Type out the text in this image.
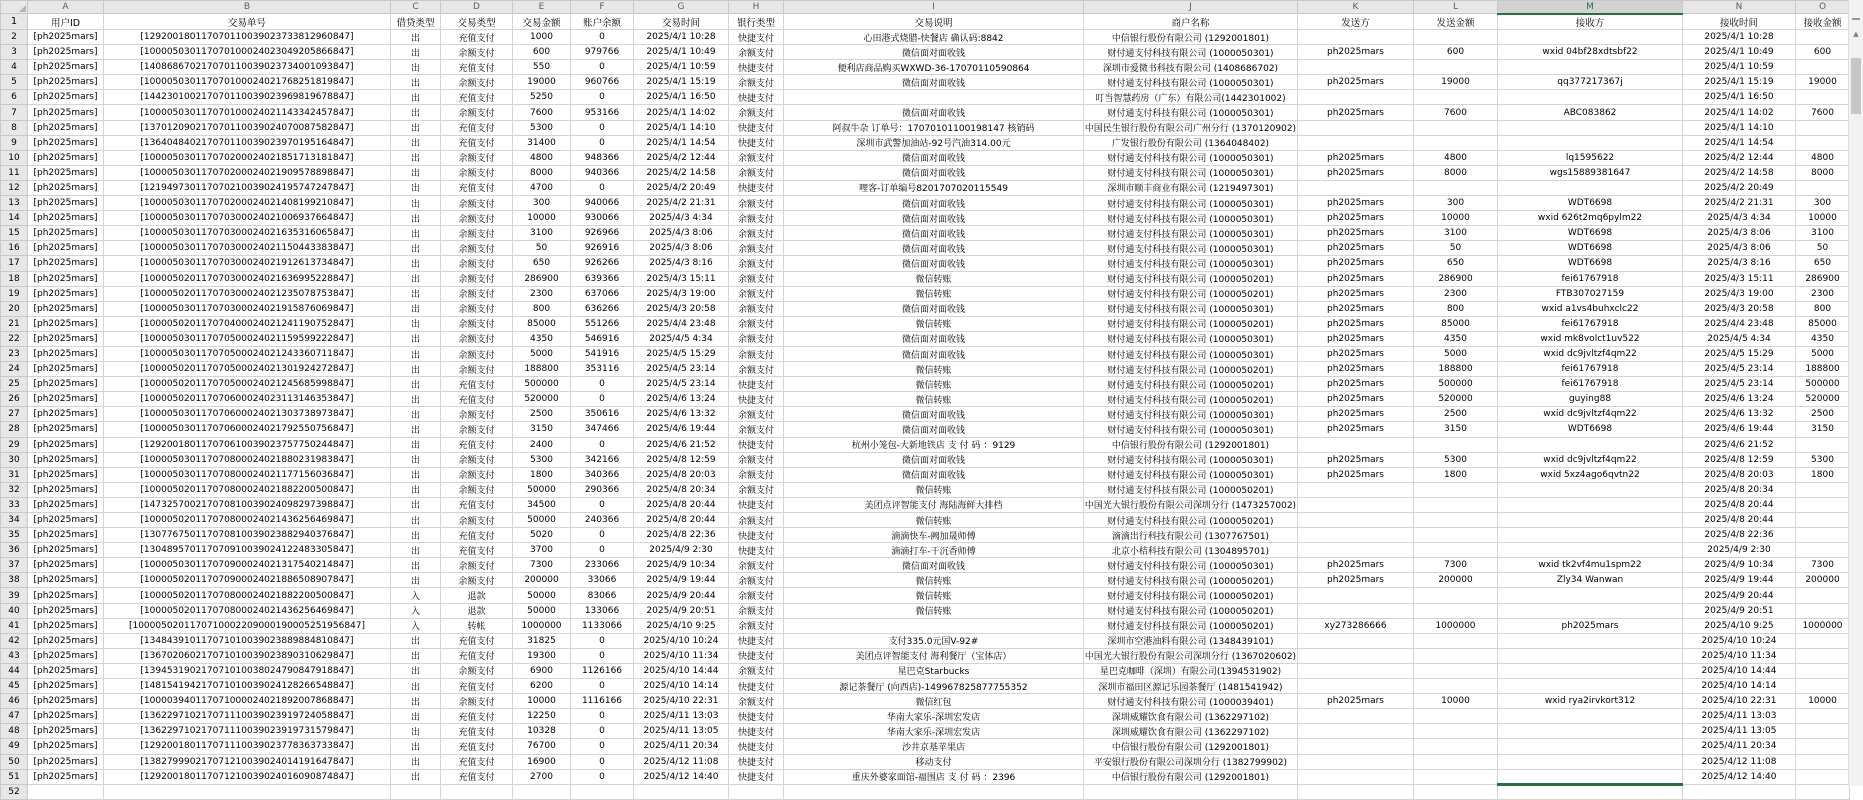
	A	B	C	D	E	F	G	H	I	J	K	L	M	N	O
1	用户ID	交易单号	借贷类型	交易类型	交易金额	账户余额	交易时间	银行类型	交易说明	商户名称	发送方	发送金额	接收方	接收时间	接收金额
2	[ph2025mars]	[129200180117070110039023733812960847]	出	充值支付	1000	0	2025/4/1 10:28	快捷支付	心田港式烧腊-快餐店 确认码:8842	中信银行股份有限公司 (1292001801)				2025/4/1 10:28	
3	[ph2025mars]	[100005030117070100024023049205866847]	出	余额支付	600	979766	2025/4/1 10:49	余额支付	微信面对面收钱	财付通支付科技有限公司 (1000050301)	ph2025mars	600	wxid 04bf28xdtsbf22	2025/4/1 10:49	600
4	[ph2025mars]	[140868670217070110039023734001093847]	出	充值支付	550	0	2025/4/1 10:59	快捷支付	便利店商品购买WXWD-36-17070110590864	深圳市爱微书科技有限公司 (1408686702)				2025/4/1 10:59	
5	[ph2025mars]	[100005030117070100024021768251819847]	出	余额支付	19000	960766	2025/4/1 15:19	余额支付	微信面对面收钱	财付通支付科技有限公司 (1000050301)	ph2025mars	19000	qq377217367j	2025/4/1 15:19	19000
6	[ph2025mars]	[144230100217070110039023969819678847]	出	充值支付	5250	0	2025/4/1 16:50	快捷支付		叮当智慧药房（广东）有限公司(1442301002)				2025/4/1 16:50	
7	[ph2025mars]	[100005030117070100024021143342457847]	出	余额支付	7600	953166	2025/4/1 14:02	余额支付	微信面对面收钱	财付通支付科技有限公司 (1000050301)	ph2025mars	7600	ABC083862	2025/4/1 14:02	7600
8	[ph2025mars]	[137012090217070110039024070087582847]	出	充值支付	5300	0	2025/4/1 14:10	快捷支付	阿叔牛杂 订单号：17070101100198147 核销码	中国民生银行股份有限公司广州分行 (1370120902)				2025/4/1 14:10	
9	[ph2025mars]	[136404840217070110039023970195164847]	出	充值支付	31400	0	2025/4/1 14:54	快捷支付	深圳市武警加油站-92号汽油314.00元	广发银行股份有限公司 (1364048402)				2025/4/1 14:54	
10	[ph2025mars]	[100005030117070200024021851713181847]	出	余额支付	4800	948366	2025/4/2 12:44	余额支付	微信面对面收钱	财付通支付科技有限公司 (1000050301)	ph2025mars	4800	lq1595622	2025/4/2 12:44	4800
11	[ph2025mars]	[100005030117070200024021909578898847]	出	余额支付	8000	940366	2025/4/2 14:58	余额支付	微信面对面收钱	财付通支付科技有限公司 (1000050301)	ph2025mars	8000	wgs15889381647	2025/4/2 14:58	8000
12	[ph2025mars]	[121949730117070210039024195747247847]	出	充值支付	4700	0	2025/4/2 20:49	快捷支付	哩客-订单编号8201707020115549	深圳市顺丰商业有限公司 (1219497301)				2025/4/2 20:49	
13	[ph2025mars]	[100005030117070200024021408199210847]	出	余额支付	300	940066	2025/4/2 21:31	余额支付	微信面对面收钱	财付通支付科技有限公司 (1000050301)	ph2025mars	300	WDT6698	2025/4/2 21:31	300
14	[ph2025mars]	[100005030117070300024021006937664847]	出	余额支付	10000	930066	2025/4/3 4:34	余额支付	微信面对面收钱	财付通支付科技有限公司 (1000050301)	ph2025mars	10000	wxid 626t2mq6pylm22	2025/4/3 4:34	10000
15	[ph2025mars]	[100005030117070300024021635316065847]	出	余额支付	3100	926966	2025/4/3 8:06	余额支付	微信面对面收钱	财付通支付科技有限公司 (1000050301)	ph2025mars	3100	WDT6698	2025/4/3 8:06	3100
16	[ph2025mars]	[100005030117070300024021150443383847]	出	余额支付	50	926916	2025/4/3 8:06	余额支付	微信面对面收钱	财付通支付科技有限公司 (1000050301)	ph2025mars	50	WDT6698	2025/4/3 8:06	50
17	[ph2025mars]	[100005030117070300024021912613734847]	出	余额支付	650	926266	2025/4/3 8:16	余额支付	微信面对面收钱	财付通支付科技有限公司 (1000050301)	ph2025mars	650	WDT6698	2025/4/3 8:16	650
18	[ph2025mars]	[100005020117070300024021636995228847]	出	余额支付	286900	639366	2025/4/3 15:11	余额支付	微信转账	财付通支付科技有限公司 (1000050201)	ph2025mars	286900	fei61767918	2025/4/3 15:11	286900
19	[ph2025mars]	[100005020117070300024021235078753847]	出	余额支付	2300	637066	2025/4/3 19:00	余额支付	微信转账	财付通支付科技有限公司 (1000050201)	ph2025mars	2300	FTB307027159	2025/4/3 19:00	2300
20	[ph2025mars]	[100005030117070300024021915876069847]	出	余额支付	800	636266	2025/4/3 20:58	余额支付	微信面对面收钱	财付通支付科技有限公司 (1000050301)	ph2025mars	800	wxid a1vs4buhxclc22	2025/4/3 20:58	800
21	[ph2025mars]	[100005020117070400024021241190752847]	出	余额支付	85000	551266	2025/4/4 23:48	余额支付	微信转账	财付通支付科技有限公司 (1000050201)	ph2025mars	85000	fei61767918	2025/4/4 23:48	85000
22	[ph2025mars]	[100005030117070500024021159599222847]	出	余额支付	4350	546916	2025/4/5 4:34	余额支付	微信面对面收钱	财付通支付科技有限公司 (1000050301)	ph2025mars	4350	wxid mk8volct1uv522	2025/4/5 4:34	4350
23	[ph2025mars]	[100005030117070500024021243360711847]	出	余额支付	5000	541916	2025/4/5 15:29	余额支付	微信面对面收钱	财付通支付科技有限公司 (1000050301)	ph2025mars	5000	wxid dc9jvltzf4qm22	2025/4/5 15:29	5000
24	[ph2025mars]	[100005020117070500024021301924272847]	出	余额支付	188800	353116	2025/4/5 23:14	余额支付	微信转账	财付通支付科技有限公司 (1000050201)	ph2025mars	188800	fei61767918	2025/4/5 23:14	188800
25	[ph2025mars]	[100005020117070500024021245685998847]	出	充值支付	500000	0	2025/4/5 23:14	快捷支付	微信转账	财付通支付科技有限公司 (1000050201)	ph2025mars	500000	fei61767918	2025/4/5 23:14	500000
26	[ph2025mars]	[100005020117070600024023113146353847]	出	充值支付	520000	0	2025/4/6 13:24	快捷支付	微信转账	财付通支付科技有限公司 (1000050201)	ph2025mars	520000	guying88	2025/4/6 13:24	520000
27	[ph2025mars]	[100005030117070600024021303738973847]	出	余额支付	2500	350616	2025/4/6 13:32	余额支付	微信面对面收钱	财付通支付科技有限公司 (1000050301)	ph2025mars	2500	wxid dc9jvltzf4qm22	2025/4/6 13:32	2500
28	[ph2025mars]	[100005030117070600024021792550756847]	出	余额支付	3150	347466	2025/4/6 19:44	余额支付	微信面对面收钱	财付通支付科技有限公司 (1000050301)	ph2025mars	3150	WDT6698	2025/4/6 19:44	3150
29	[ph2025mars]	[129200180117070610039023757750244847]	出	充值支付	2400	0	2025/4/6 21:52	快捷支付	杭州小笼包-大新地铁店 支 付 码 ：9129	中信银行股份有限公司 (1292001801)				2025/4/6 21:52	
30	[ph2025mars]	[100005030117070800024021880231983847]	出	余额支付	5300	342166	2025/4/8 12:59	余额支付	微信面对面收钱	财付通支付科技有限公司 (1000050301)	ph2025mars	5300	wxid dc9jvltzf4qm22	2025/4/8 12:59	5300
31	[ph2025mars]	[100005030117070800024021177156036847]	出	余额支付	1800	340366	2025/4/8 20:03	余额支付	微信面对面收钱	财付通支付科技有限公司 (1000050301)	ph2025mars	1800	wxid 5xz4ago6qvtn22	2025/4/8 20:03	1800
32	[ph2025mars]	[100005020117070800024021882200500847]	出	余额支付	50000	290366	2025/4/8 20:34	余额支付	微信转账	财付通支付科技有限公司 (1000050201)				2025/4/8 20:34	
33	[ph2025mars]	[147325700217070810039024098297398847]	出	充值支付	34500	0	2025/4/8 20:44	快捷支付	美团点评智能支付 海陆海鲜大排档	中国光大银行股份有限公司深圳分行 (1473257002)				2025/4/8 20:44	
34	[ph2025mars]	[100005020117070800024021436256469847]	出	余额支付	50000	240366	2025/4/8 20:44	余额支付	微信转账	财付通支付科技有限公司 (1000050201)				2025/4/8 20:44	
35	[ph2025mars]	[130776750117070810039023882940376847]	出	充值支付	5020	0	2025/4/8 22:36	快捷支付	滴滴快车-阙加晟师傅	滴滴出行科技有限公司 (1307767501)				2025/4/8 22:36	
36	[ph2025mars]	[130489570117070910039024122483305847]	出	充值支付	3700	0	2025/4/9 2:30	快捷支付	滴滴打车-干沉香师傅	北京小桔科技有限公司 (1304895701)				2025/4/9 2:30	
37	[ph2025mars]	[100005030117070900024021317540214847]	出	余额支付	7300	233066	2025/4/9 10:34	余额支付	微信面对面收钱	财付通支付科技有限公司 (1000050301)	ph2025mars	7300	wxid tk2vf4mu1spm22	2025/4/9 10:34	7300
38	[ph2025mars]	[100005020117070900024021886508907847]	出	余额支付	200000	33066	2025/4/9 19:44	余额支付	微信转账	财付通支付科技有限公司 (1000050201)	ph2025mars	200000	Zly34 Wanwan	2025/4/9 19:44	200000
39	[ph2025mars]	[100005020117070800024021882200500847]	入	退款	50000	83066	2025/4/9 20:44	余额支付	微信转账	财付通支付科技有限公司 (1000050201)				2025/4/9 20:44	
40	[ph2025mars]	[100005020117070800024021436256469847]	入	退款	50000	133066	2025/4/9 20:51	余额支付	微信转账	财付通支付科技有限公司 (1000050201)				2025/4/9 20:51	
41	[ph2025mars]	[1000050201170710002209000190005251956847]	入	转帐	1000000	1133066	2025/4/10 9:25	余额支付		财付通支付科技有限公司 (1000050201)	xy273286666	1000000	ph2025mars	2025/4/10 9:25	1000000
42	[ph2025mars]	[134843910117071010039023889884810847]	出	充值支付	31825	0	2025/4/10 10:24	快捷支付	支付335.0元国V-92#	深圳市空港油料有限公司 (1348439101)				2025/4/10 10:24	
43	[ph2025mars]	[136702060217071010039023890310629847]	出	充值支付	19300	0	2025/4/10 11:34	快捷支付	美团点评智能支付 海利餐厅（宝体店）	中国光大银行股份有限公司深圳分行 (1367020602)				2025/4/10 11:34	
44	[ph2025mars]	[139453190217071010038024790847918847]	出	余额支付	6900	1126166	2025/4/10 14:44	余额支付	星巴克Starbucks	星巴克咖啡（深圳）有限公司(1394531902)				2025/4/10 14:44	
45	[ph2025mars]	[148154194217071010039024128266548847]	出	充值支付	6200	0	2025/4/10 14:14	快捷支付	源记茶餐厅 (向西店)-149967825877755352	深圳市福田区源记乐园茶餐厅 (1481541942)				2025/4/10 14:14	
46	[ph2025mars]	[100003940117071000024021892007868847]	出	余额支付	10000	1116166	2025/4/10 22:31	余额支付	微信红包	财付通支付科技有限公司 (1000039401)	ph2025mars	10000	wxid rya2irvkort312	2025/4/10 22:31	10000
47	[ph2025mars]	[136229710217071110039023919724058847]	出	充值支付	12250	0	2025/4/11 13:03	快捷支付	华南大家乐-深圳宏发店	深圳威耀饮食有限公司 (1362297102)				2025/4/11 13:03	
48	[ph2025mars]	[136229710217071110039023919731579847]	出	充值支付	10328	0	2025/4/11 13:05	快捷支付	华南大家乐-深圳宏发店	深圳威耀饮食有限公司 (1362297102)				2025/4/11 13:05	
49	[ph2025mars]	[129200180117071110039023778363733847]	出	充值支付	76700	0	2025/4/11 20:34	快捷支付	沙井京基苹果店	中信银行股份有限公司 (1292001801)				2025/4/11 20:34	
50	[ph2025mars]	[138279990217071210039024014191647847]	出	充值支付	16900	0	2025/4/12 11:08	快捷支付	移动支付	平安银行股份有限公司深圳分行 (1382799902)				2025/4/12 11:08	
51	[ph2025mars]	[129200180117071210039024016090874847]	出	充值支付	2700	0	2025/4/12 14:40	快捷支付	重庆外婆家面馆-福围店 支 付 码 ：2396	中信银行股份有限公司 (1292001801)				2025/4/12 14:40	
52															
▲
